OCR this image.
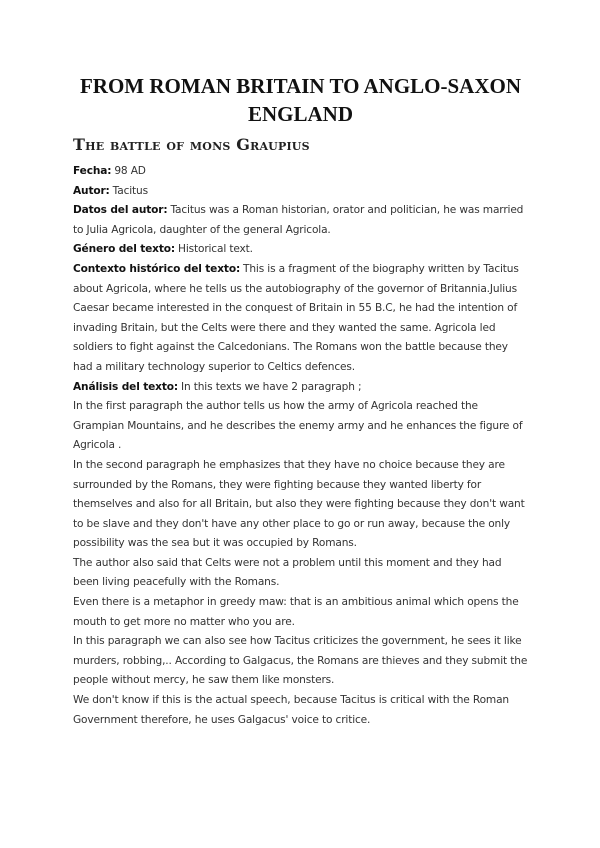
FROM ROMAN BRITAIN TO ANGLO-SAXON ENGLAND
The battle of mons Graupius

Fecha: 98 AD

Autor: Tacitus

Datos del autor: Tacitus was a Roman historian, orator and politician, he was married to Julia Agricola, daughter of the general Agricola.

Género del texto: Historical text.

Contexto histórico del texto: This is a fragment of the biography written by Tacitus about Agricola, where he tells us the autobiography of the governor of Britannia.Julius Caesar became interested in the conquest of Britain in 55 B.C, he had the intention of invading Britain, but the Celts were there and they wanted the same. Agricola led soldiers to fight against the Calcedonians. The Romans won the battle because they had a military technology superior to Celtics defences.

Análisis del texto: In this texts we have 2 paragraph ;

In the first paragraph the author tells us how the army of Agricola reached the Grampian Mountains, and he describes the enemy army and he enhances the figure of Agricola .

In the second paragraph he emphasizes that they have no choice because they are surrounded by the Romans, they were fighting because they wanted liberty for themselves and also for all Britain, but also they were fighting because they don't want to be slave and they don't have any other place to go or run away, because the only possibility was the sea but it was occupied by Romans.

The author also said that Celts were not a problem until this moment and they had been living peacefully with the Romans.

Even there is a metaphor in greedy maw: that is an ambitious animal which opens the mouth to get more no matter who you are.

In this paragraph we can also see how Tacitus criticizes the government, he sees it like murders, robbing,.. According to Galgacus, the Romans are thieves and they submit the people without mercy, he saw them like monsters.

We don't know if this is the actual speech, because Tacitus is critical with the Roman Government therefore, he uses Galgacus' voice to critice.
